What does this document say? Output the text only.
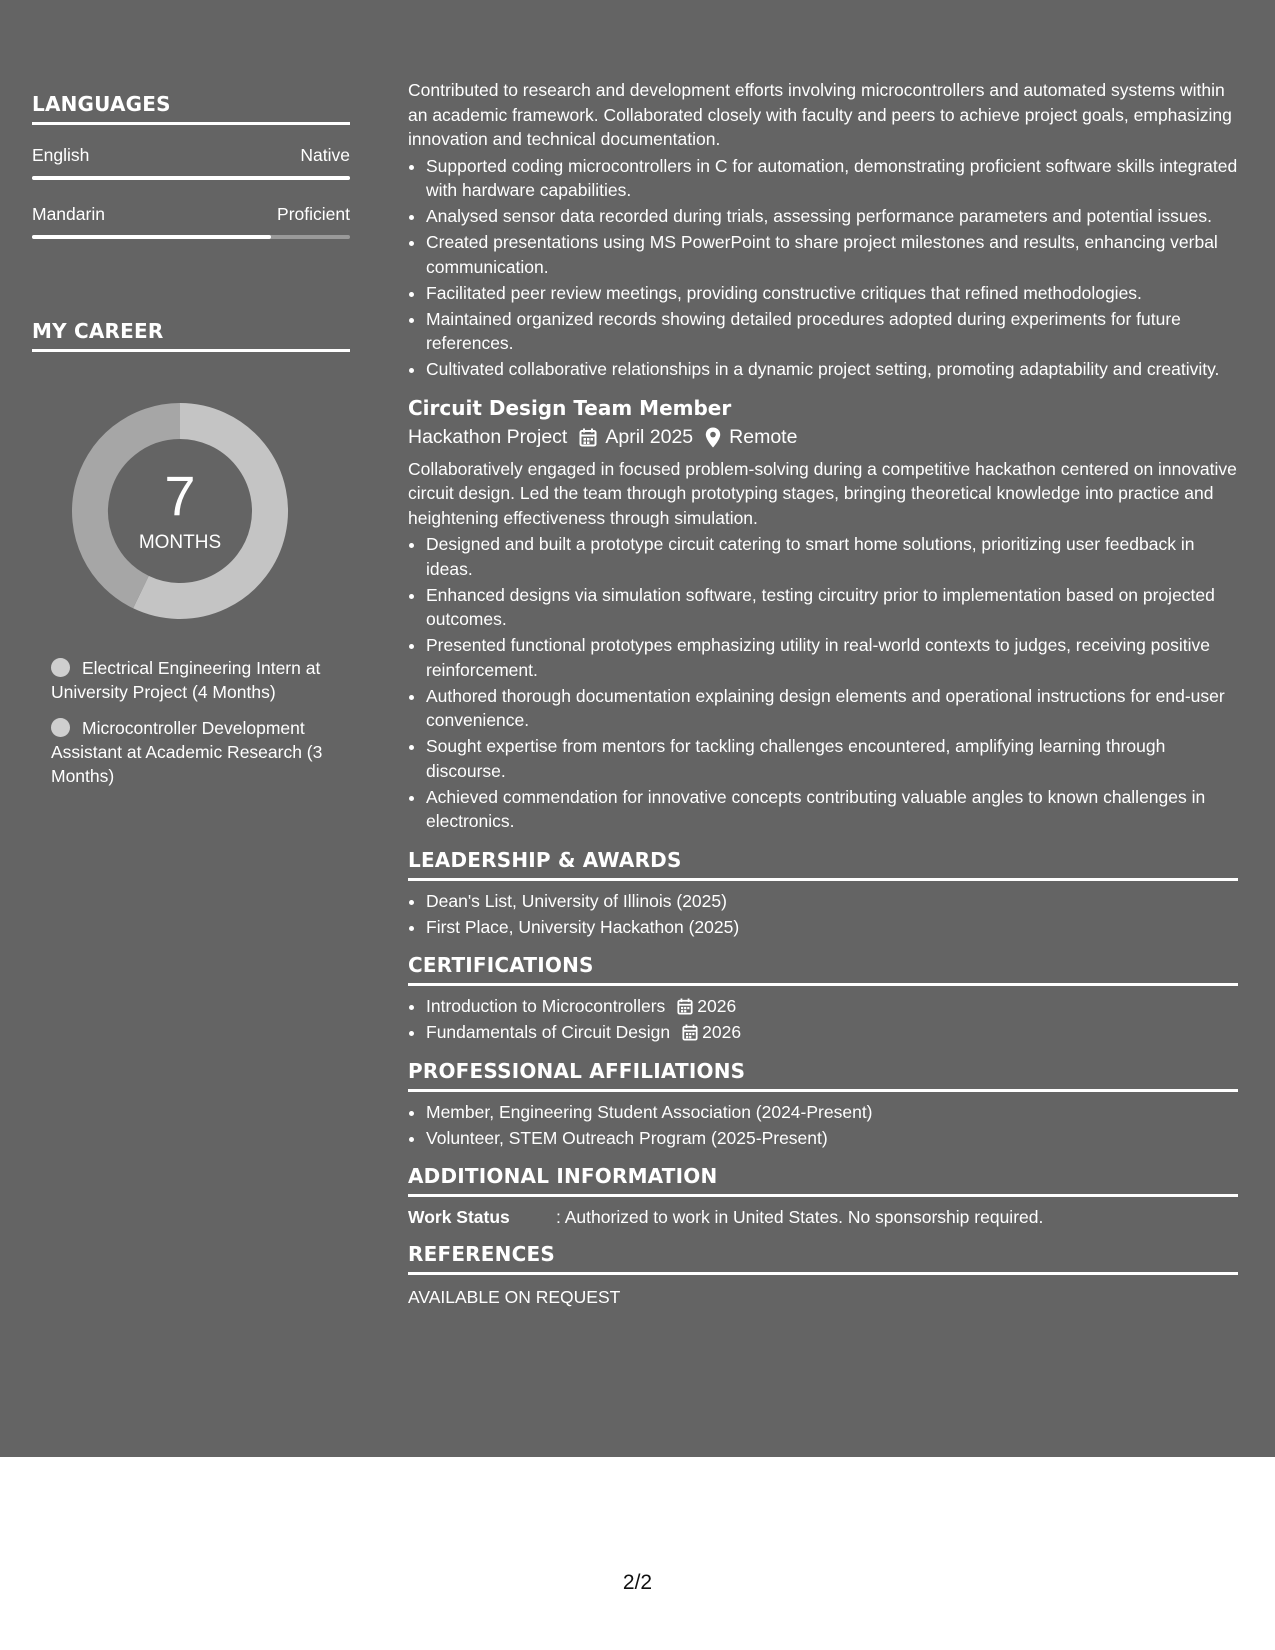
LANGUAGES
English	Native
Mandarin	Proficient
MY CAREER
7
MONTHS
Electrical Engineering Intern at University Project (4 Months)
Microcontroller Development Assistant at Academic Research (3 Months)

Contributed to research and development efforts involving microcontrollers and automated systems within an academic framework. Collaborated closely with faculty and peers to achieve project goals, emphasizing innovation and technical documentation.

• Supported coding microcontrollers in C for automation, demonstrating proficient software skills integrated with hardware capabilities.
• Analysed sensor data recorded during trials, assessing performance parameters and potential issues.
• Created presentations using MS PowerPoint to share project milestones and results, enhancing verbal communication.
• Facilitated peer review meetings, providing constructive critiques that refined methodologies.
• Maintained organized records showing detailed procedures adopted during experiments for future references.
• Cultivated collaborative relationships in a dynamic project setting, promoting adaptability and creativity.
Circuit Design Team Member
Hackathon Project April 2025 Remote

Collaboratively engaged in focused problem-solving during a competitive hackathon centered on innovative circuit design. Led the team through prototyping stages, bringing theoretical knowledge into practice and heightening effectiveness through simulation.

• Designed and built a prototype circuit catering to smart home solutions, prioritizing user feedback in ideas.
• Enhanced designs via simulation software, testing circuitry prior to implementation based on projected outcomes.
• Presented functional prototypes emphasizing utility in real-world contexts to judges, receiving positive reinforcement.
• Authored thorough documentation explaining design elements and operational instructions for end-user convenience.
• Sought expertise from mentors for tackling challenges encountered, amplifying learning through discourse.
• Achieved commendation for innovative concepts contributing valuable angles to known challenges in electronics.
LEADERSHIP & AWARDS
• Dean's List, University of Illinois (2025)
• First Place, University Hackathon (2025)
CERTIFICATIONS
• Introduction to Microcontrollers 2026
• Fundamentals of Circuit Design 2026
PROFESSIONAL AFFILIATIONS
• Member, Engineering Student Association (2024-Present)
• Volunteer, STEM Outreach Program (2025-Present)
ADDITIONAL INFORMATION
Work Status	: Authorized to work in United States. No sponsorship required.
REFERENCES
AVAILABLE ON REQUEST
2/2
